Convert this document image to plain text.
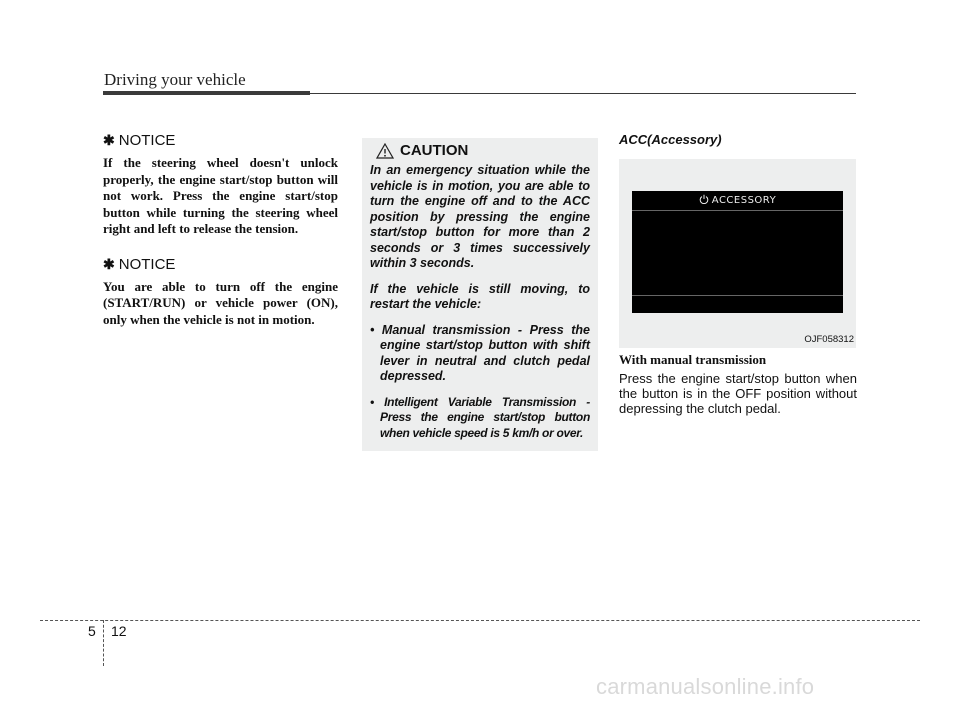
Driving your vehicle
✱ NOTICE

If the steering wheel doesn't unlock properly, the engine start/stop button will not work. Press the engine start/stop button while turning the steering wheel right and left to release the tension.

✱ NOTICE

You are able to turn off the engine (START/RUN) or vehicle power (ON), only when the vehicle is not in motion.

CAUTION

In an emergency situation while the vehicle is in motion, you are able to turn the engine off and to the ACC position by pressing the engine start/stop button for more than 2 seconds or 3 times successively within 3 seconds.

If the vehicle is still moving, to restart the vehicle:

• Manual transmission - Press the engine start/stop button with shift lever in neutral and clutch pedal depressed.
• Intelligent Variable Transmission - Press the engine start/stop button when vehicle speed is 5 km/h or over.

ACC(Accessory)

ACCESSORY
OJF058312
With manual transmission
Press the engine start/stop button when the button is in the OFF position without depressing the clutch pedal.
5 12
carmanualsonline.info
